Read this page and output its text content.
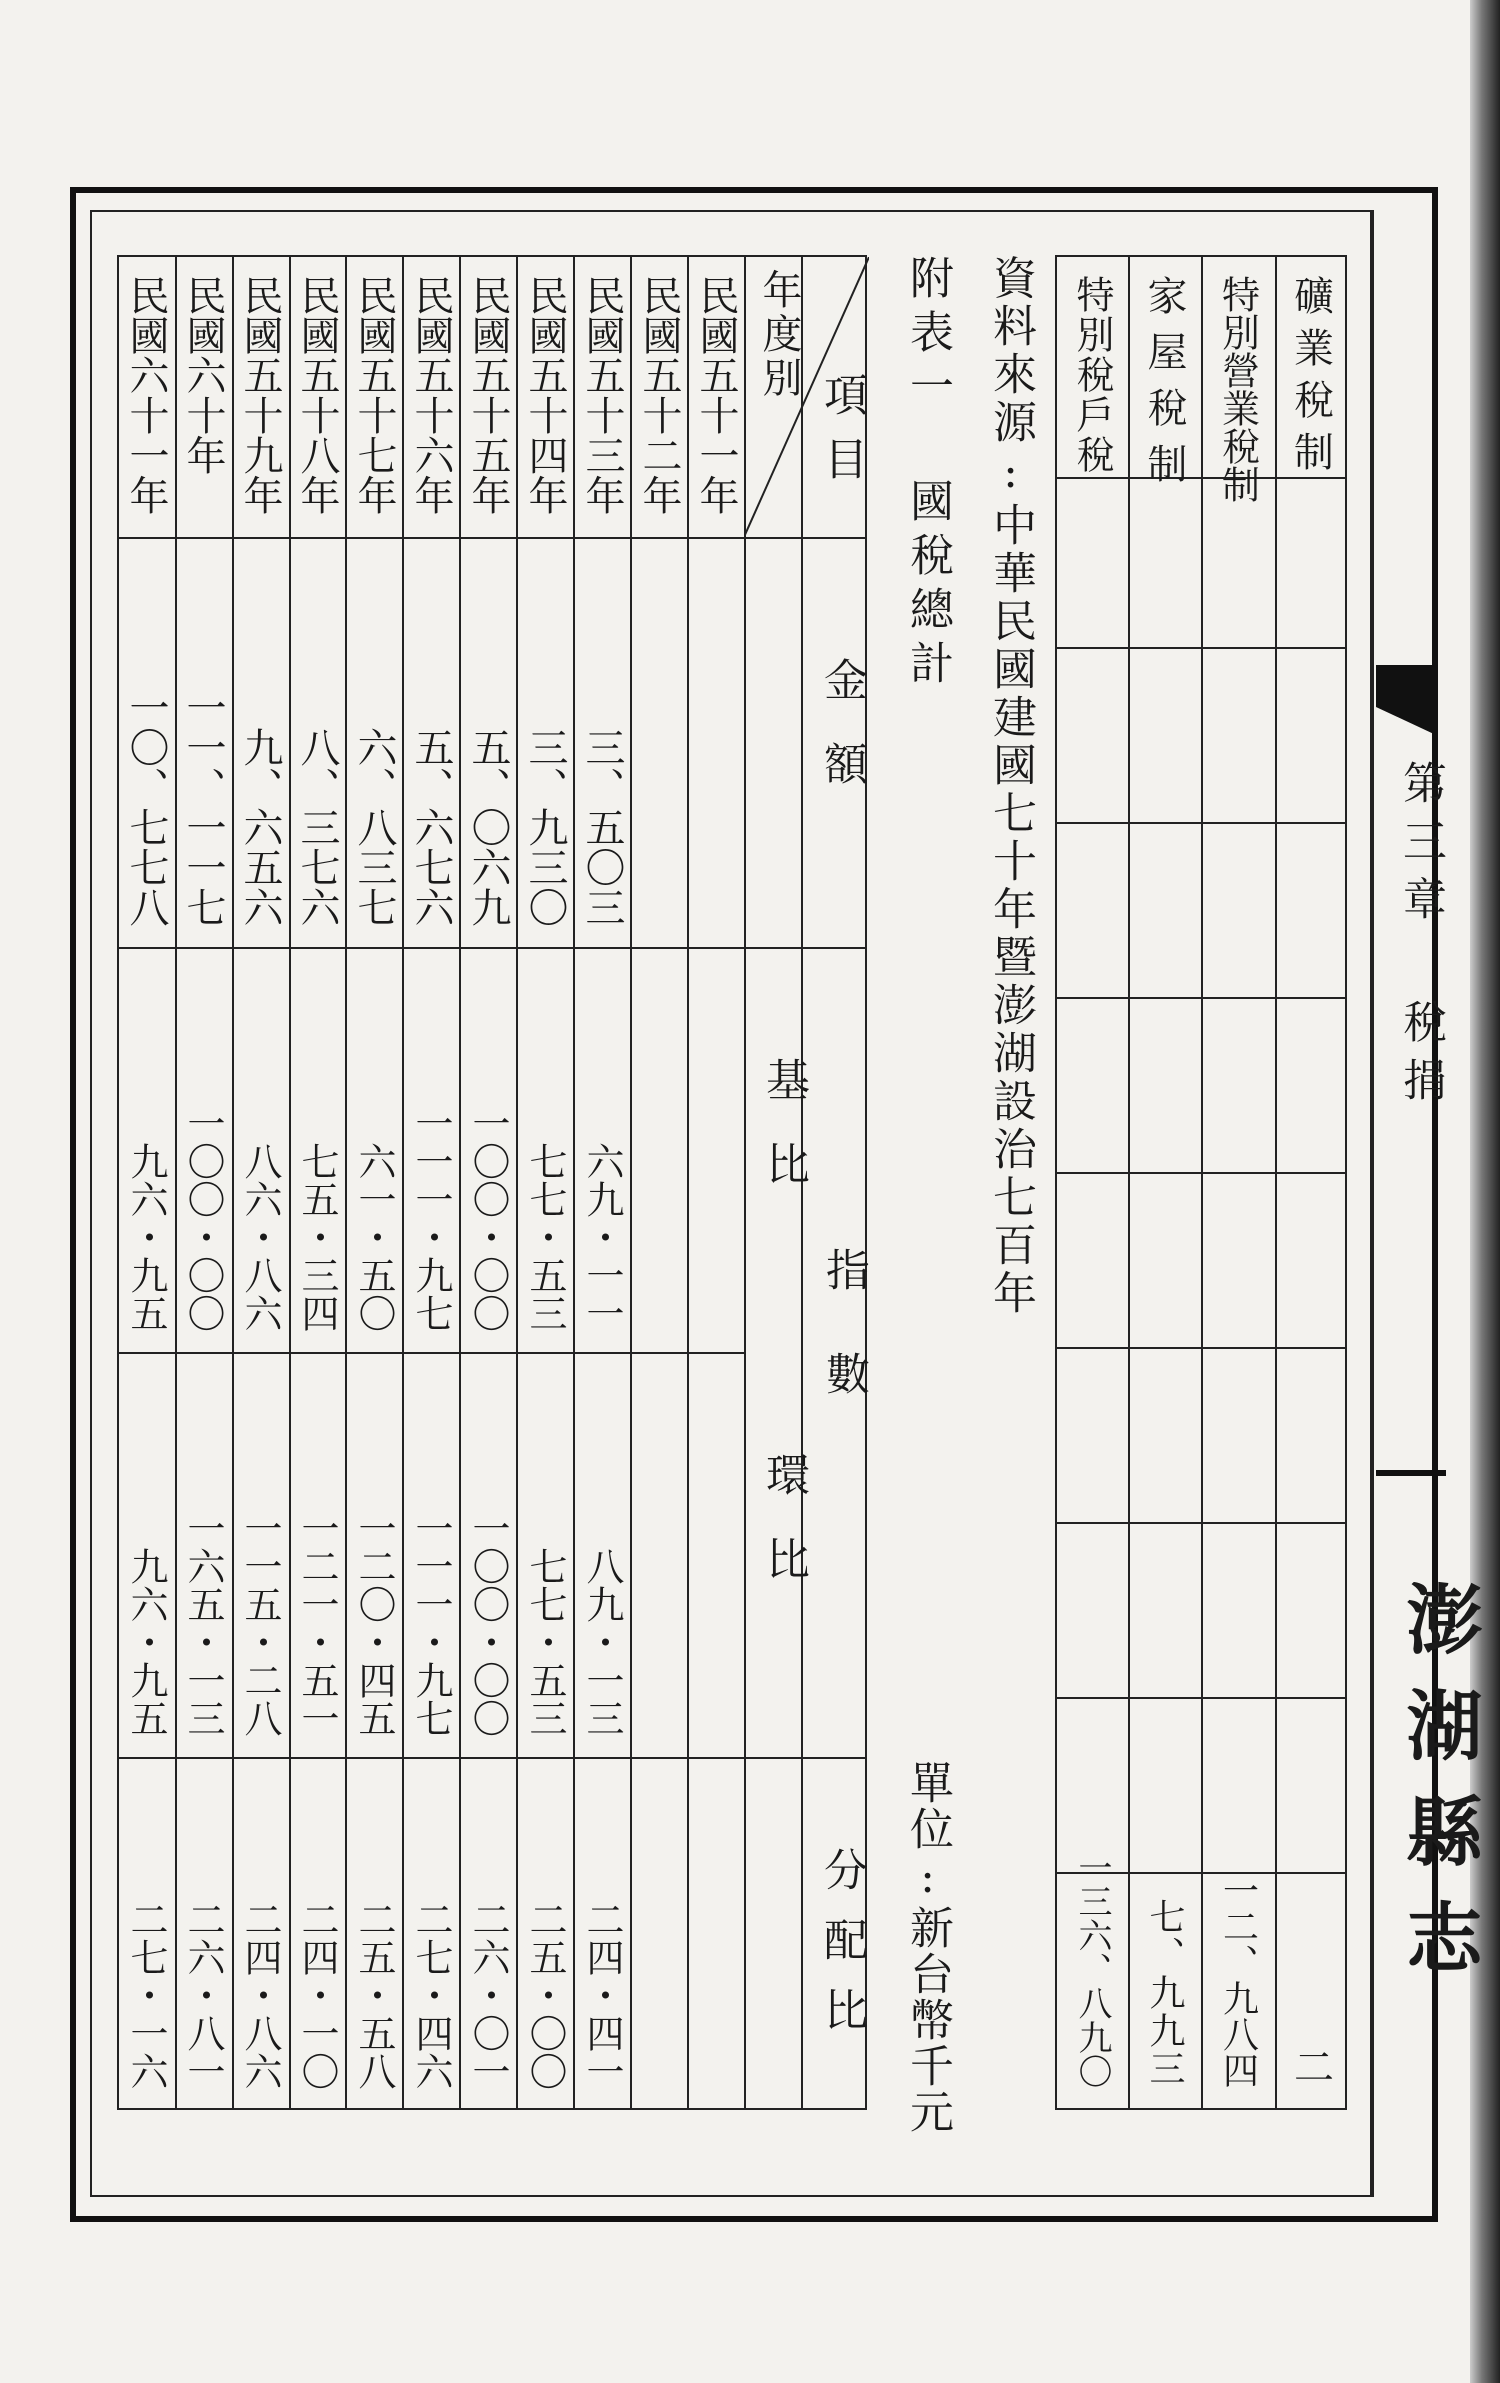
第三章 稅捐
澎湖縣志
礦業稅制
特別營業稅制
家屋稅制
特別稅戶稅
二
一二、九八四
七、九九三
一三六、八九〇
資料來源:中華民國建國七十年暨澎湖設治七百年
附表一 國稅總計
單位:新台幣千元
項目
年度別
金額
指數
基比
環比
分配比
民國五十一年
民國五十二年
民國五十三年
三、五〇三
六九・一一
八九・一三
二四・四一
民國五十四年
三、九三〇
七七・五三
七七・五三
二五・〇〇
民國五十五年
五、〇六九
一〇〇・〇〇
一〇〇・〇〇
二六・〇一
民國五十六年
五、六七六
一一一・九七
一一一・九七
二七・四六
民國五十七年
六、八三七
六一・五〇
一二〇・四五
二五・五八
民國五十八年
八、三七六
七五・三四
一二一・五一
二四・一〇
民國五十九年
九、六五六
八六・八六
一一五・二八
二四・八六
民國六十年
一一、一一七
一〇〇・〇〇
一六五・一三
二六・八一
民國六十一年
一〇、七七八
九六・九五
九六・九五
二七・一六
